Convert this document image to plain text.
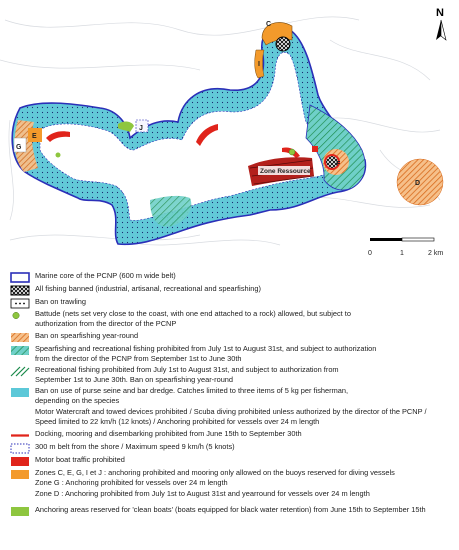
C
I
J
E
G
F
D
Zone Ressource
N
0	1	2 km
Marine core of the PCNP (600 m wide belt)
All fishing banned (industrial, artisanal, recreational and spearfishing)
Ban on trawling
Battude (nets set very close to the coast, with one end attached to a rock) allowed, but subject to
authorization from the director of the PCNP
Ban on spearfishing year-round
Spearfishing and recreational fishing prohibited from July 1st to August 31st, and subject to authorization
from the director of the PCNP from September 1st to June 30th
Recreational fishing prohibited from July 1st to August 31st, and subject to authorization from
September 1st to June 30th. Ban on spearfishing year-round
Ban on use of purse seine and bar dredge. Catches limited to three items of 5 kg per fisherman,
depending on the species
Motor Watercraft and towed devices prohibited / Scuba diving prohibited unless authorized by the director of the PCNP /
Speed limited to 22 km/h (12 knots) / Anchoring prohibited for vessels over 24 m length
Docking, mooring and disembarking prohibited from June 15th to September 30th
300 m belt from the shore / Maximum speed 9 km/h (5 knots)
Motor boat traffic prohibited
Zones C, E, G, I et J : anchoring prohibited and mooring only allowed on the buoys reserved for diving vessels
Zone G : Anchoring prohibited for vessels over 24 m length
Zone D : Anchoring prohibited from July 1st to August 31st and yearround for vessels over 24 m length
Anchoring areas reserved for 'clean boats' (boats equipped for black water retention) from June 15th to September 15th
